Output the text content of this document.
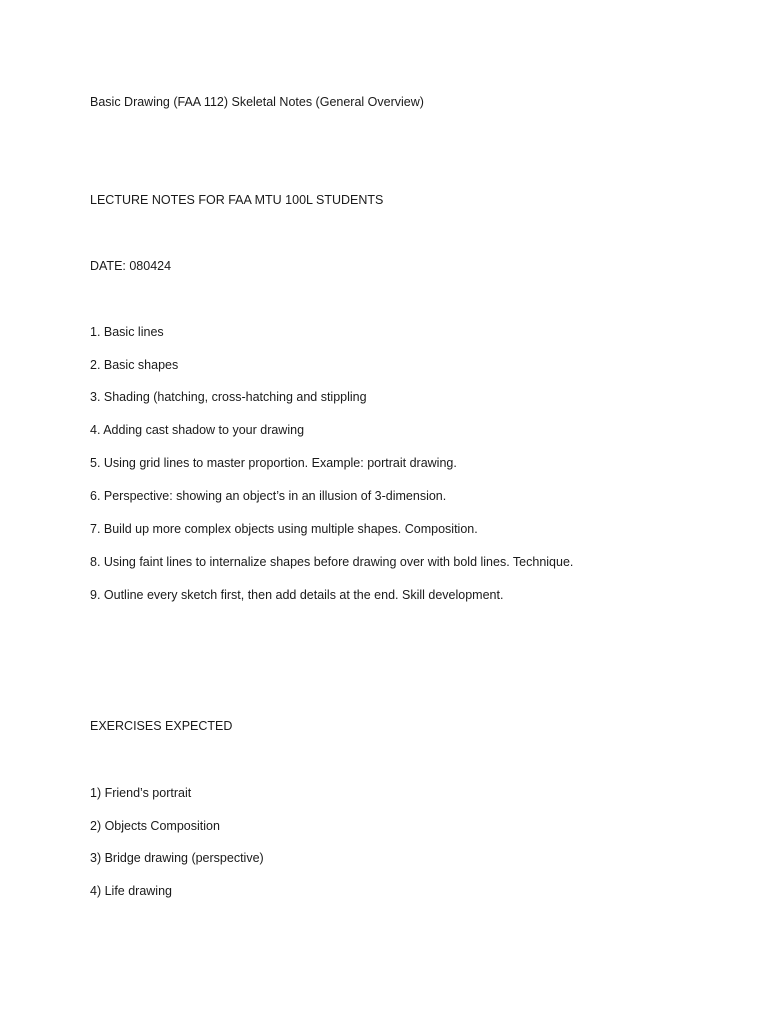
Basic Drawing (FAA 112) Skeletal Notes (General Overview)
LECTURE NOTES FOR FAA MTU 100L STUDENTS
DATE: 080424
1. Basic lines
2. Basic shapes
3. Shading (hatching, cross-hatching and stippling
4. Adding cast shadow to your drawing
5. Using grid lines to master proportion. Example: portrait drawing.
6. Perspective: showing an object’s in an illusion of 3-dimension.
7. Build up more complex objects using multiple shapes. Composition.
8. Using faint lines to internalize shapes before drawing over with bold lines. Technique.
9. Outline every sketch first, then add details at the end. Skill development.
EXERCISES EXPECTED
1) Friend’s portrait
2) Objects Composition
3) Bridge drawing (perspective)
4) Life drawing
